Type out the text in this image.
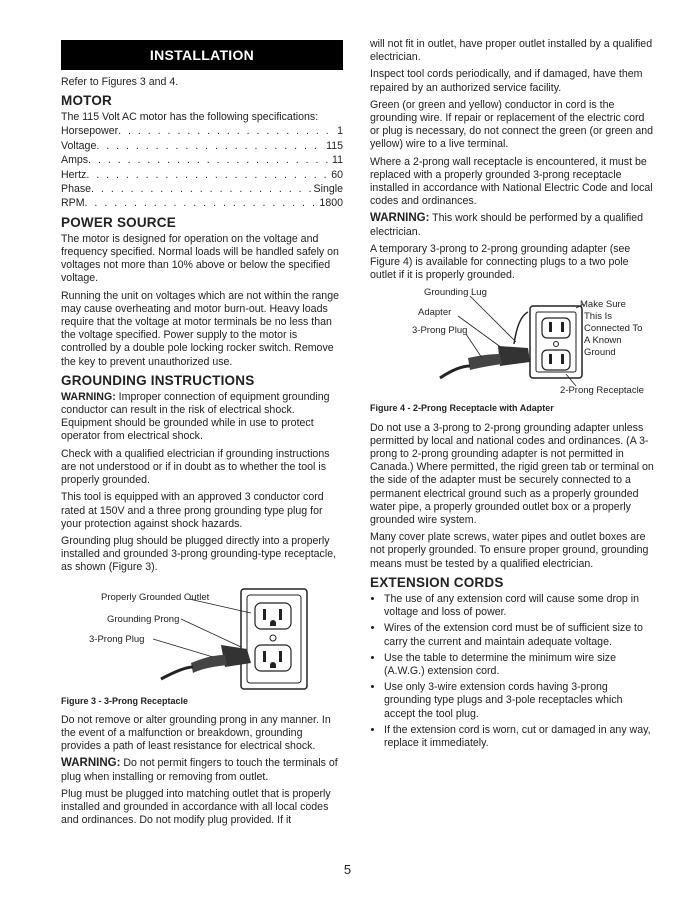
INSTALLATION

Refer to Figures 3 and 4.

MOTOR

The 115 Volt AC motor has the following specifications:

Horsepower . . .	1
Voltage . . .	115
Amps . . .	11
Hertz . . .	60
Phase . . .	Single
RPM . . .	1800
POWER SOURCE

The motor is designed for operation on the voltage and frequency specified. Normal loads will be handled safely on voltages not more than 10% above or below the specified voltage.

Running the unit on voltages which are not within the range may cause overheating and motor burn-out. Heavy loads require that the voltage at motor terminals be no less than the voltage specified. Power supply to the motor is controlled by a double pole locking rocker switch. Remove the key to prevent unauthorized use.

GROUNDING INSTRUCTIONS

WARNING: Improper connection of equipment grounding conductor can result in the risk of electrical shock. Equipment should be grounded while in use to protect operator from electrical shock.

Check with a qualified electrician if grounding instructions are not understood or if in doubt as to whether the tool is properly grounded.

This tool is equipped with an approved 3 conductor cord rated at 150V and a three prong grounding type plug for your protection against shock hazards.

Grounding plug should be plugged directly into a properly installed and grounded 3-prong grounding-type receptacle, as shown (Figure 3).

Properly Grounded Outlet
Grounding Prong
3-Prong Plug
Figure 3 - 3-Prong Receptacle

Do not remove or alter grounding prong in any manner. In the event of a malfunction or breakdown, grounding provides a path of least resistance for electrical shock.

WARNING: Do not permit fingers to touch the terminals of plug when installing or removing from outlet.

Plug must be plugged into matching outlet that is properly installed and grounded in accordance with all local codes and ordinances. Do not modify plug provided. If it

will not fit in outlet, have proper outlet installed by a qualified electrician.

Inspect tool cords periodically, and if damaged, have them repaired by an authorized service facility.

Green (or green and yellow) conductor in cord is the grounding wire. If repair or replacement of the electric cord or plug is necessary, do not connect the green (or green and yellow) wire to a live terminal.

Where a 2-prong wall receptacle is encountered, it must be replaced with a properly grounded 3-prong receptacle installed in accordance with National Electric Code and local codes and ordinances.

WARNING: This work should be performed by a qualified electrician.

A temporary 3-prong to 2-prong grounding adapter (see Figure 4) is available for connecting plugs to a two pole outlet if it is properly grounded.

Grounding Lug
Adapter
3-Prong Plug
Make Sure
This Is
Connected To
A Known
Ground
2-Prong Receptacle
Figure 4 - 2-Prong Receptacle with Adapter

Do not use a 3-prong to 2-prong grounding adapter unless permitted by local and national codes and ordinances. (A 3-prong to 2-prong grounding adapter is not permitted in Canada.) Where permitted, the rigid green tab or terminal on the side of the adapter must be securely connected to a permanent electrical ground such as a properly grounded water pipe, a properly grounded outlet box or a properly grounded wire system.

Many cover plate screws, water pipes and outlet boxes are not properly grounded. To ensure proper ground, grounding means must be tested by a qualified electrician.

EXTENSION CORDS
• The use of any extension cord will cause some drop in voltage and loss of power.
• Wires of the extension cord must be of sufficient size to carry the current and maintain adequate voltage.
• Use the table to determine the minimum wire size (A.W.G.) extension cord.
• Use only 3-wire extension cords having 3-prong grounding type plugs and 3-pole receptacles which accept the tool plug.
• If the extension cord is worn, cut or damaged in any way, replace it immediately.
5
